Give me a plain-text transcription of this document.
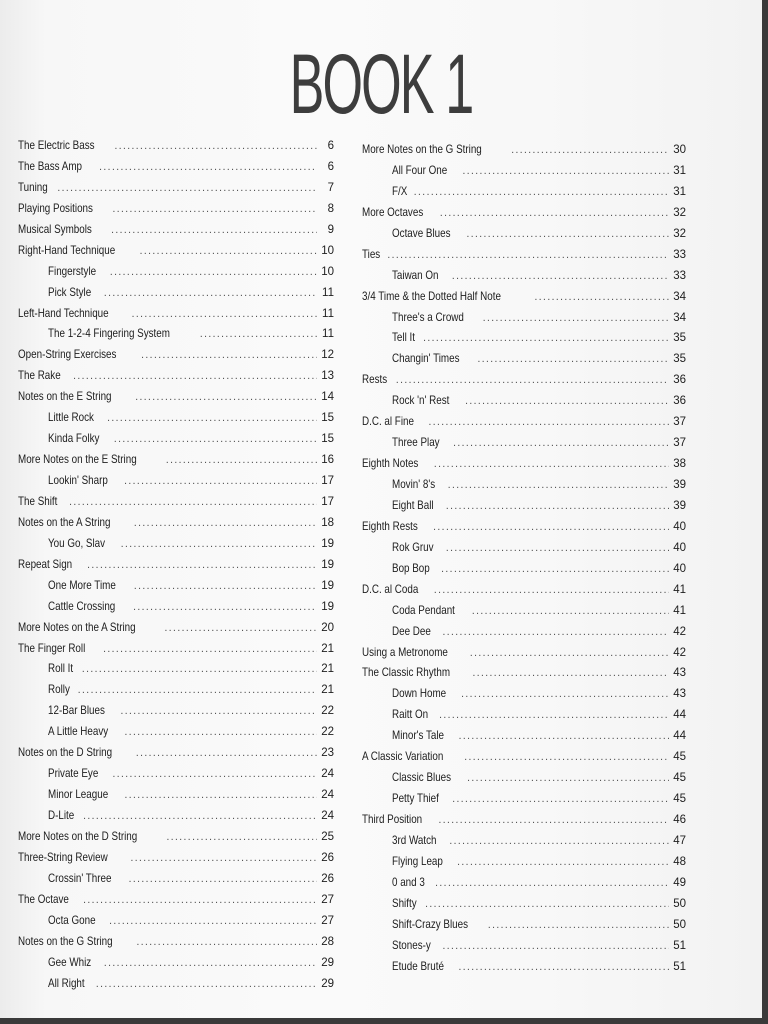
BOOK 1
The Electric Bass .....	6
The Bass Amp .....	6
Tuning .....	7
Playing Positions .....	8
Musical Symbols .....	9
Right-Hand Technique .....	10
Fingerstyle .....	10
Pick Style .....	11
Left-Hand Technique .....	11
The 1-2-4 Fingering System .....	11
Open-String Exercises .....	12
The Rake .....	13
Notes on the E String .....	14
Little Rock .....	15
Kinda Folky .....	15
More Notes on the E String .....	16
Lookin' Sharp .....	17
The Shift .....	17
Notes on the A String .....	18
You Go, Slav .....	19
Repeat Sign .....	19
One More Time .....	19
Cattle Crossing .....	19
More Notes on the A String .....	20
The Finger Roll .....	21
Roll It .....	21
Rolly .....	21
12-Bar Blues .....	22
A Little Heavy .....	22
Notes on the D String .....	23
Private Eye .....	24
Minor League .....	24
D-Lite .....	24
More Notes on the D String .....	25
Three-String Review .....	26
Crossin' Three .....	26
The Octave .....	27
Octa Gone .....	27
Notes on the G String .....	28
Gee Whiz .....	29
All Right .....	29
More Notes on the G String .....	30
All Four One .....	31
F/X .....	31
More Octaves .....	32
Octave Blues .....	32
Ties .....	33
Taiwan On .....	33
3/4 Time & the Dotted Half Note .....	34
Three's a Crowd .....	34
Tell It .....	35
Changin' Times .....	35
Rests .....	36
Rock 'n' Rest .....	36
D.C. al Fine .....	37
Three Play .....	37
Eighth Notes .....	38
Movin' 8's .....	39
Eight Ball .....	39
Eighth Rests .....	40
Rok Gruv .....	40
Bop Bop .....	40
D.C. al Coda .....	41
Coda Pendant .....	41
Dee Dee .....	42
Using a Metronome .....	42
The Classic Rhythm .....	43
Down Home .....	43
Raitt On .....	44
Minor's Tale .....	44
A Classic Variation .....	45
Classic Blues .....	45
Petty Thief .....	45
Third Position .....	46
3rd Watch .....	47
Flying Leap .....	48
0 and 3 .....	49
Shifty .....	50
Shift-Crazy Blues .....	50
Stones-y .....	51
Etude Bruté .....	51
